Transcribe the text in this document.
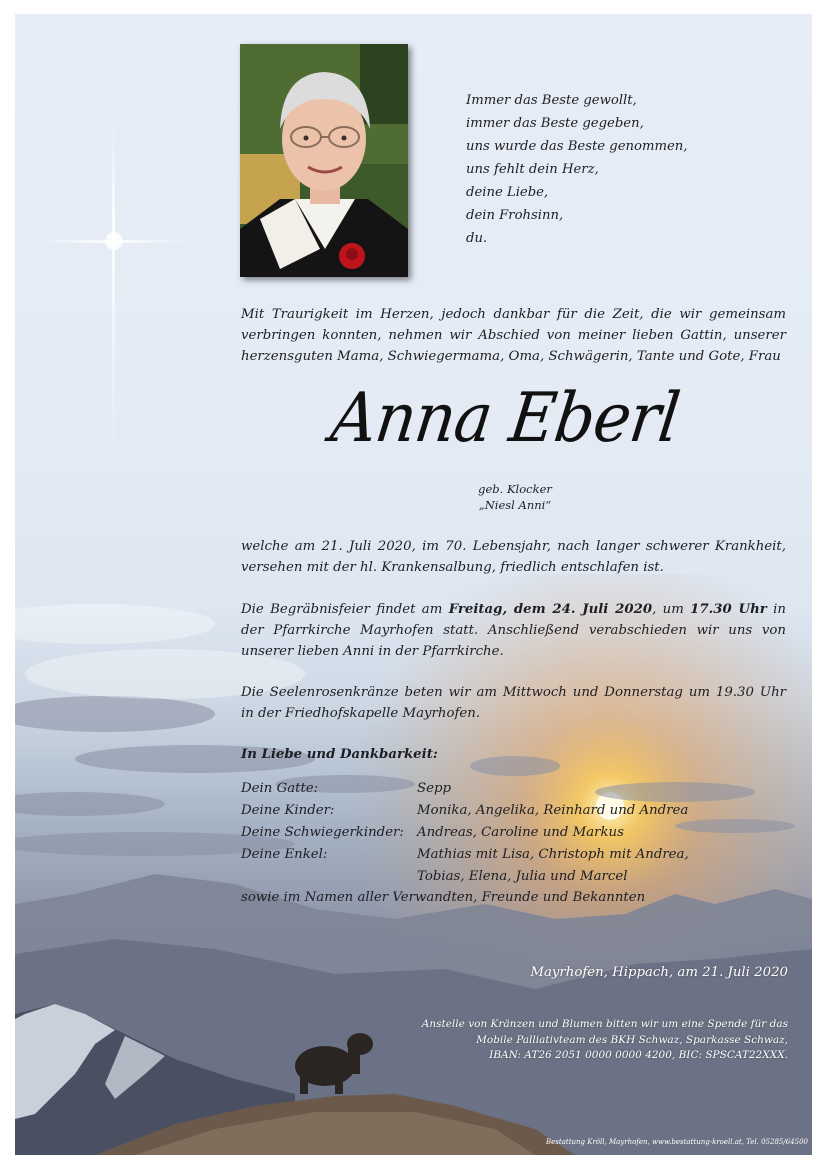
Immer das Beste gewollt,
immer das Beste gegeben,
uns wurde das Beste genommen,
uns fehlt dein Herz,
deine Liebe,
dein Frohsinn,
du.
Mit Traurigkeit im Herzen, jedoch dankbar für die Zeit, die wir gemeinsam verbringen konnten, nehmen wir Abschied von meiner lieben Gattin, unserer herzensguten Mama, Schwiegermama, Oma, Schwägerin, Tante und Gote, Frau
Anna Eberl
geb. Klocker
„Niesl Anni“
welche am 21. Juli 2020, im 70. Lebensjahr, nach langer schwerer Krankheit, versehen mit der hl. Krankensalbung, friedlich entschlafen ist.
Die Begräbnisfeier findet am Freitag, dem 24. Juli 2020, um 17.30 Uhr in der Pfarrkirche Mayrhofen statt. Anschließend verabschieden wir uns von unserer lieben Anni in der Pfarrkirche.
Die Seelenrosenkränze beten wir am Mittwoch und Donnerstag um 19.30 Uhr in der Friedhofskapelle Mayrhofen.
In Liebe und Dankbarkeit:
Dein Gatte:	Sepp
Deine Kinder:	Monika, Angelika, Reinhard und Andrea
Deine Schwiegerkinder: Andreas, Caroline und Markus
Deine Enkel:	Mathias mit Lisa, Christoph mit Andrea,
Tobias, Elena, Julia und Marcel
sowie im Namen aller Verwandten, Freunde und Bekannten
Mayrhofen, Hippach, am 21. Juli 2020
Anstelle von Kränzen und Blumen bitten wir um eine Spende für das
Mobile Palliativteam des BKH Schwaz, Sparkasse Schwaz,
IBAN: AT26 2051 0000 0000 4200, BIC: SPSCAT22XXX.
Bestattung Kröll, Mayrhofen, www.bestattung-kroell.at, Tel. 05285/64500
